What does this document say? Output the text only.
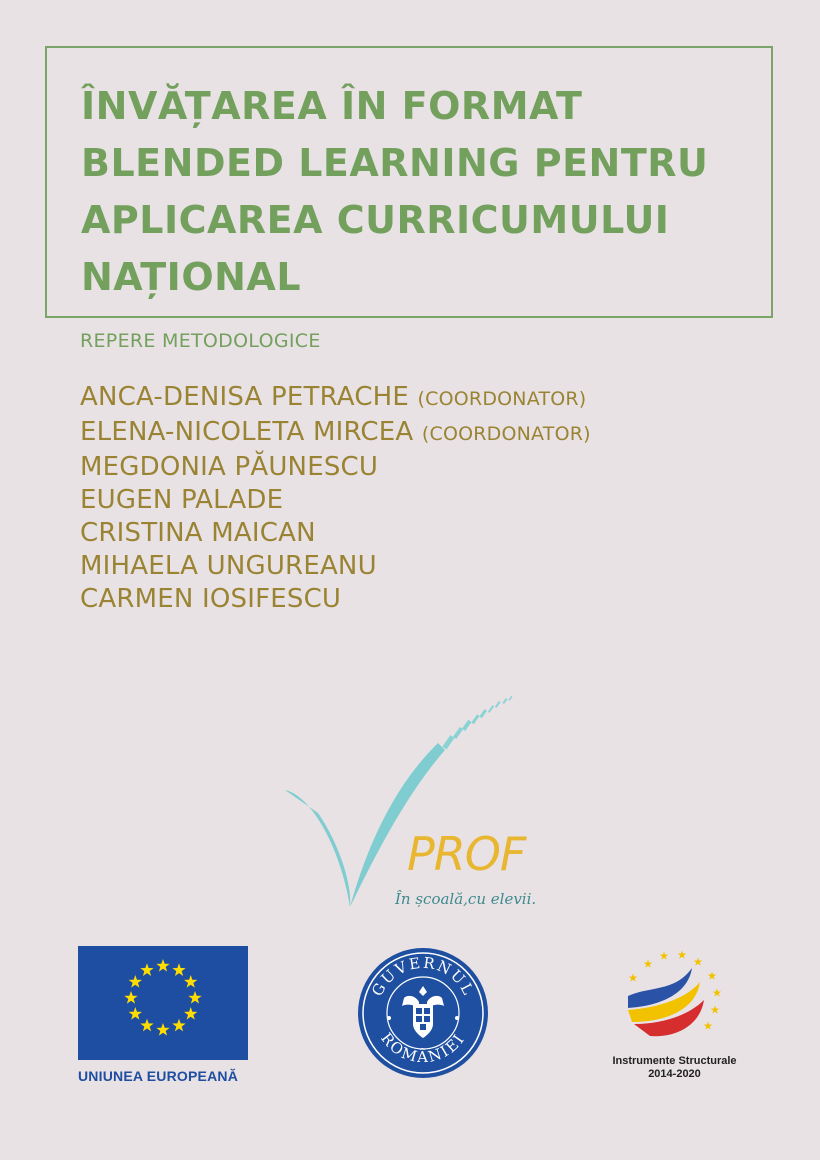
ÎNVĂȚAREA ÎN FORMAT
BLENDED LEARNING PENTRU
APLICAREA CURRICUMULUI
NAȚIONAL
REPERE METODOLOGICE
ANCA-DENISA PETRACHE (COORDONATOR)
ELENA-NICOLETA MIRCEA (COORDONATOR)
MEGDONIA PĂUNESCU
EUGEN PALADE
CRISTINA MAICAN
MIHAELA UNGUREANU
CARMEN IOSIFESCU
PROF
În școală,cu elevii.
UNIUNEA EUROPEANĂ
GUVERNUL
ROMÂNIEI
Instrumente Structurale
2014-2020
